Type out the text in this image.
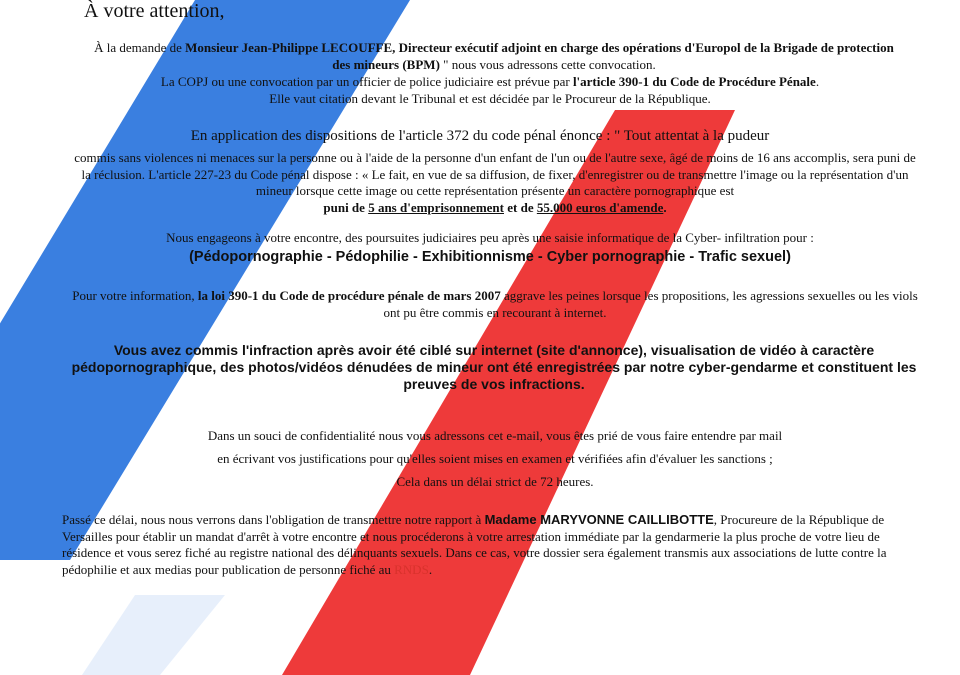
À votre attention,
À la demande de Monsieur Jean-Philippe LECOUFFE, Directeur exécutif adjoint en charge des opérations d'Europol de la Brigade de protection des mineurs (BPM) " nous vous adressons cette convocation.
La COPJ ou une convocation par un officier de police judiciaire est prévue par l'article 390-1 du Code de Procédure Pénale.
Elle vaut citation devant le Tribunal et est décidée par le Procureur de la République.
En application des dispositions de l'article 372 du code pénal énonce : " Tout attentat à la pudeur
commis sans violences ni menaces sur la personne ou à l'aide de la personne d'un enfant de l'un ou de l'autre sexe, âgé de moins de 16 ans accomplis, sera puni de la réclusion. L'article 227-23 du Code pénal dispose : « Le fait, en vue de sa diffusion, de fixer, d'enregistrer ou de transmettre l'image ou la représentation d'un mineur lorsque cette image ou cette représentation présente un caractère pornographique est
puni de 5 ans d'emprisonnement et de 55.000 euros d'amende.
Nous engageons à votre encontre, des poursuites judiciaires peu après une saisie informatique de la Cyber- infiltration pour :
(Pédopornographie - Pédophilie - Exhibitionnisme - Cyber pornographie - Trafic sexuel)
Pour votre information, la loi 390-1 du Code de procédure pénale de mars 2007 aggrave les peines lorsque les propositions, les agressions sexuelles ou les viols ont pu être commis en recourant à internet.
Vous avez commis l'infraction après avoir été ciblé sur internet (site d'annonce), visualisation de vidéo à caractère pédopornographique, des photos/vidéos dénudées de mineur ont été enregistrées par notre cyber-gendarme et constituent les preuves de vos infractions.
Dans un souci de confidentialité nous vous adressons cet e-mail, vous êtes prié de vous faire entendre par mail
en écrivant vos justifications pour qu'elles soient mises en examen et vérifiées afin d'évaluer les sanctions ;
Cela dans un délai strict de 72 heures.
Passé ce délai, nous nous verrons dans l'obligation de transmettre notre rapport à Madame MARYVONNE CAILLIBOTTE, Procureure de la République de Versailles pour établir un mandat d'arrêt à votre encontre et nous procéderons à votre arrestation immédiate par la gendarmerie la plus proche de votre lieu de résidence et vous serez fiché au registre national des délinquants sexuels. Dans ce cas, votre dossier sera également transmis aux associations de lutte contre la pédophilie et aux medias pour publication de personne fiché au RNDS.
